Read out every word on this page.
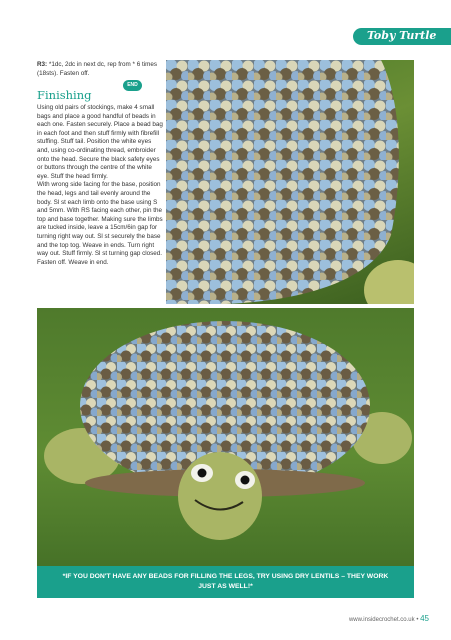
Toby Turtle

R3: *1dc, 2dc in next dc, rep from * 6 times (18sts). Fasten off.

END
Finishing

Using old pairs of stockings, make 4 small bags and place a good handful of beads in each one. Fasten securely. Place a bead bag in each foot and then stuff firmly with fibrefill stuffing. Stuff tail. Position the white eyes and, using co-ordinating thread, embroider onto the head. Secure the black safety eyes or buttons through the centre of the white eye. Stuff the head firmly.

With wrong side facing for the base, position the head, legs and tail evenly around the body. Sl st each limb onto the base using S and 5mm. With RS facing each other, pin the top and base together. Making sure the limbs are tucked inside, leave a 15cm/6in gap for turning right way out. Sl st securely the base and the top tog. Weave in ends. Turn right way out. Stuff firmly. Sl st turning gap closed. Fasten off. Weave in end.

*IF YOU DON'T HAVE ANY BEADS FOR FILLING THE LEGS, TRY USING DRY LENTILS – THEY WORK JUST AS WELL!*
www.insidecrochet.co.uk • 45
